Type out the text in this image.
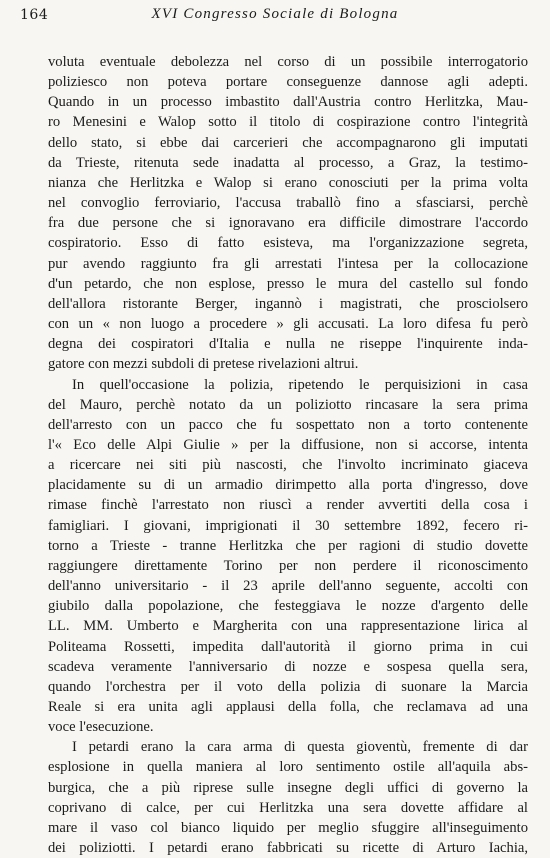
164	XVI Congresso Sociale di Bologna

voluta eventuale debolezza nel corso di un possibile interrogatorio
poliziesco non poteva portare conseguenze dannose agli adepti.
Quando in un processo imbastito dall'Austria contro Herlitzka, Mau-
ro Menesini e Walop sotto il titolo di cospirazione contro l'integrità
dello stato, si ebbe dai carcerieri che accompagnarono gli imputati
da Trieste, ritenuta sede inadatta al processo, a Graz, la testimo-
nianza che Herlitzka e Walop si erano conosciuti per la prima volta
nel convoglio ferroviario, l'accusa traballò fino a sfasciarsi, perchè
fra due persone che si ignoravano era difficile dimostrare l'accordo
cospiratorio. Esso di fatto esisteva, ma l'organizzazione segreta,
pur avendo raggiunto fra gli arrestati l'intesa per la collocazione
d'un petardo, che non esplose, presso le mura del castello sul fondo
dell'allora ristorante Berger, ingannò i magistrati, che prosciolsero
con un « non luogo a procedere » gli accusati. La loro difesa fu però
degna dei cospiratori d'Italia e nulla ne riseppe l'inquirente inda-
gatore con mezzi subdoli di pretese rivelazioni altrui.

In quell'occasione la polizia, ripetendo le perquisizioni in casa
del Mauro, perchè notato da un poliziotto rincasare la sera prima
dell'arresto con un pacco che fu sospettato non a torto contenente
l'« Eco delle Alpi Giulie » per la diffusione, non si accorse, intenta
a ricercare nei siti più nascosti, che l'involto incriminato giaceva
placidamente su di un armadio dirimpetto alla porta d'ingresso, dove
rimase finchè l'arrestato non riuscì a render avvertiti della cosa i
famigliari. I giovani, imprigionati il 30 settembre 1892, fecero ri-
torno a Trieste - tranne Herlitzka che per ragioni di studio dovette
raggiungere direttamente Torino per non perdere il riconoscimento
dell'anno universitario - il 23 aprile dell'anno seguente, accolti con
giubilo dalla popolazione, che festeggiava le nozze d'argento delle
LL. MM. Umberto e Margherita con una rappresentazione lirica al
Politeama Rossetti, impedita dall'autorità il giorno prima in cui
scadeva veramente l'anniversario di nozze e sospesa quella sera,
quando l'orchestra per il voto della polizia di suonare la Marcia
Reale si era unita agli applausi della folla, che reclamava ad una
voce l'esecuzione.

I petardi erano la cara arma di questa gioventù, fremente di dar
esplosione in quella maniera al loro sentimento ostile all'aquila abs-
burgica, che a più riprese sulle insegne degli uffici di governo la
coprivano di calce, per cui Herlitzka una sera dovette affidare al
mare il vaso col bianco liquido per meglio sfuggire all'inseguimento
dei poliziotti. I petardi erano fabbricati su ricette di Arturo Iachia,
